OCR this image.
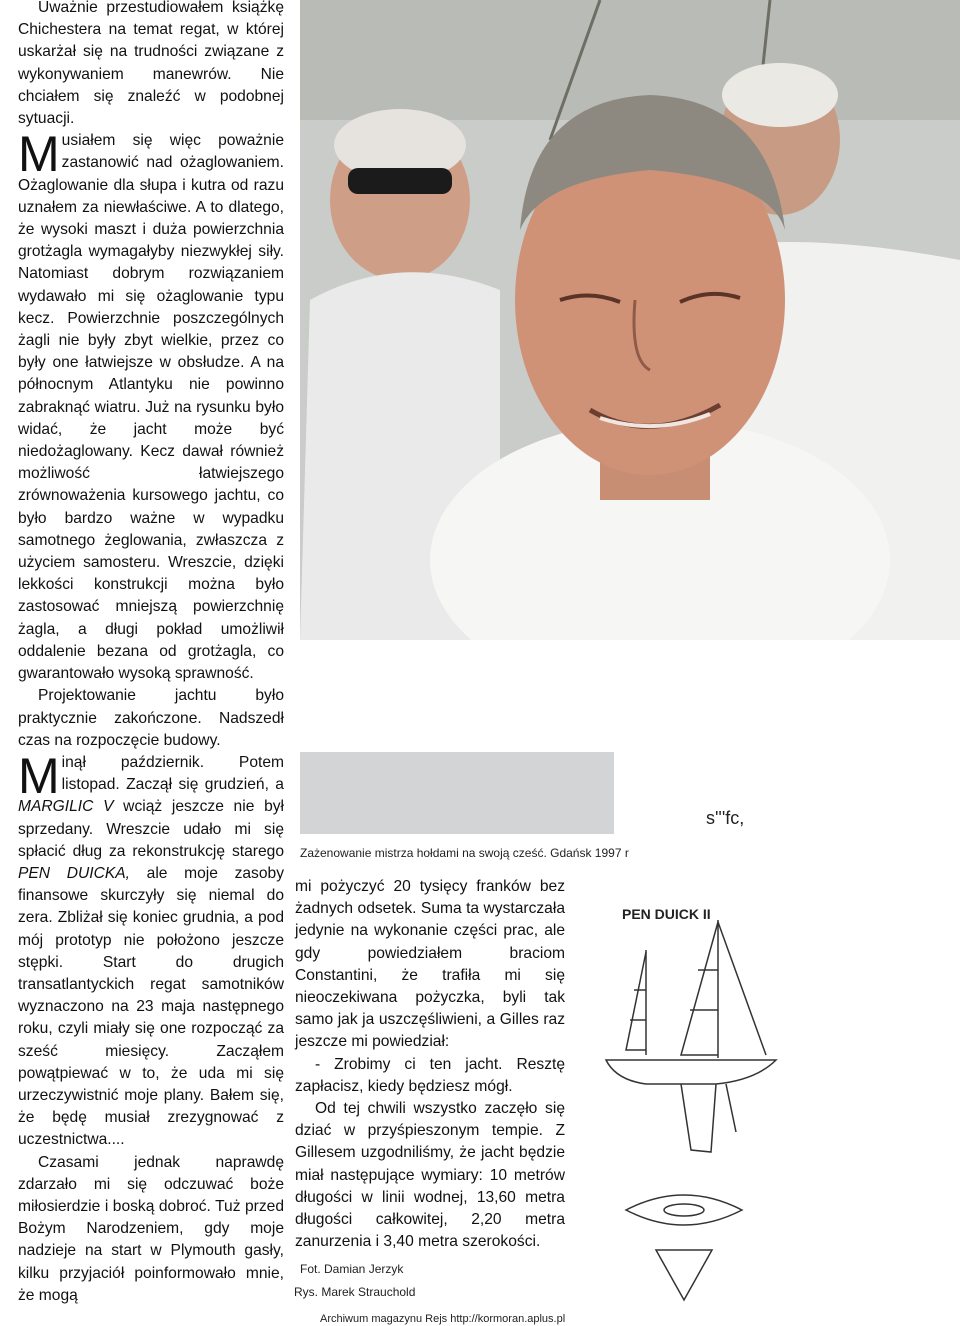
Uważnie przestudiowałem książkę Chichestera na temat regat, w której uskarżał się na trudności związane z wykonywaniem manewrów. Nie chciałem się znaleźć w podobnej sytuacji.

Musiałem się więc poważnie zastanowić nad ożaglowaniem. Ożaglowanie dla słupa i kutra od razu uznałem za niewłaściwe. A to dlatego, że wysoki maszt i duża powierzchnia grotżagla wymagałyby niezwykłej siły. Natomiast dobrym rozwiązaniem wydawało mi się ożaglowanie typu kecz. Powierzchnie poszczególnych żagli nie były zbyt wielkie, przez co były one łatwiejsze w obsłudze. A na północnym Atlantyku nie powinno zabraknąć wiatru. Już na rysunku było widać, że jacht może być niedożaglowany. Kecz dawał również możliwość łatwiejszego zrównoważenia kursowego jachtu, co było bardzo ważne w wypadku samotnego żeglowania, zwłaszcza z użyciem samosteru. Wreszcie, dzięki lekkości konstrukcji można było zastosować mniejszą powierzchnię żagla, a długi pokład umożliwił oddalenie bezana od grotżagla, co gwarantowało wysoką sprawność.

Projektowanie jachtu było praktycznie zakończone. Nadszedł czas na rozpoczęcie budowy.

Minął październik. Potem listopad. Zaczął się grudzień, a MARGILIC V wciąż jeszcze nie był sprzedany. Wreszcie udało mi się spłacić dług za rekonstrukcję starego PEN DUICKA, ale moje zasoby finansowe skurczyły się niemal do zera. Zbliżał się koniec grudnia, a pod mój prototyp nie położono jeszcze stępki. Start do drugich transatlantyckich regat samotników wyznaczono na 23 maja następnego roku, czyli miały się one rozpocząć za sześć miesięcy. Zacząłem powątpiewać w to, że uda mi się urzeczywistnić moje plany. Bałem się, że będę musiał zrezygnować z uczestnictwa....

Czasami jednak naprawdę zdarzało mi się odczuwać boże miłosierdzie i boską dobroć. Tuż przed Bożym Narodzeniem, gdy moje nadzieje na start w Plymouth gasły, kilku przyjaciół poinformowało mnie, że mogą

Zażenowanie mistrza hołdami na swoją cześć. Gdańsk 1997 r
s'''fc,

mi pożyczyć 20 tysięcy franków bez żadnych odsetek. Suma ta wystarczała jedynie na wykonanie części prac, ale gdy powiedziałem braciom Constantini, że trafiła mi się nieoczekiwana pożyczka, byli tak samo jak ja uszczęśliwieni, a Gilles raz jeszcze mi powiedział:

- Zrobimy ci ten jacht. Resztę zapłacisz, kiedy będziesz mógł.

Od tej chwili wszystko zaczęło się dziać w przyśpieszonym tempie. Z Gillesem uzgodniliśmy, że jacht będzie miał następujące wymiary: 10 metrów długości w linii wodnej, 13,60 metra długości całkowitej, 2,20 metra zanurzenia i 3,40 metra szerokości.

Fot. Damian Jerzyk
Rys. Marek Strauchold
PEN DUICK II
Archiwum magazynu Rejs http://kormoran.aplus.pl
